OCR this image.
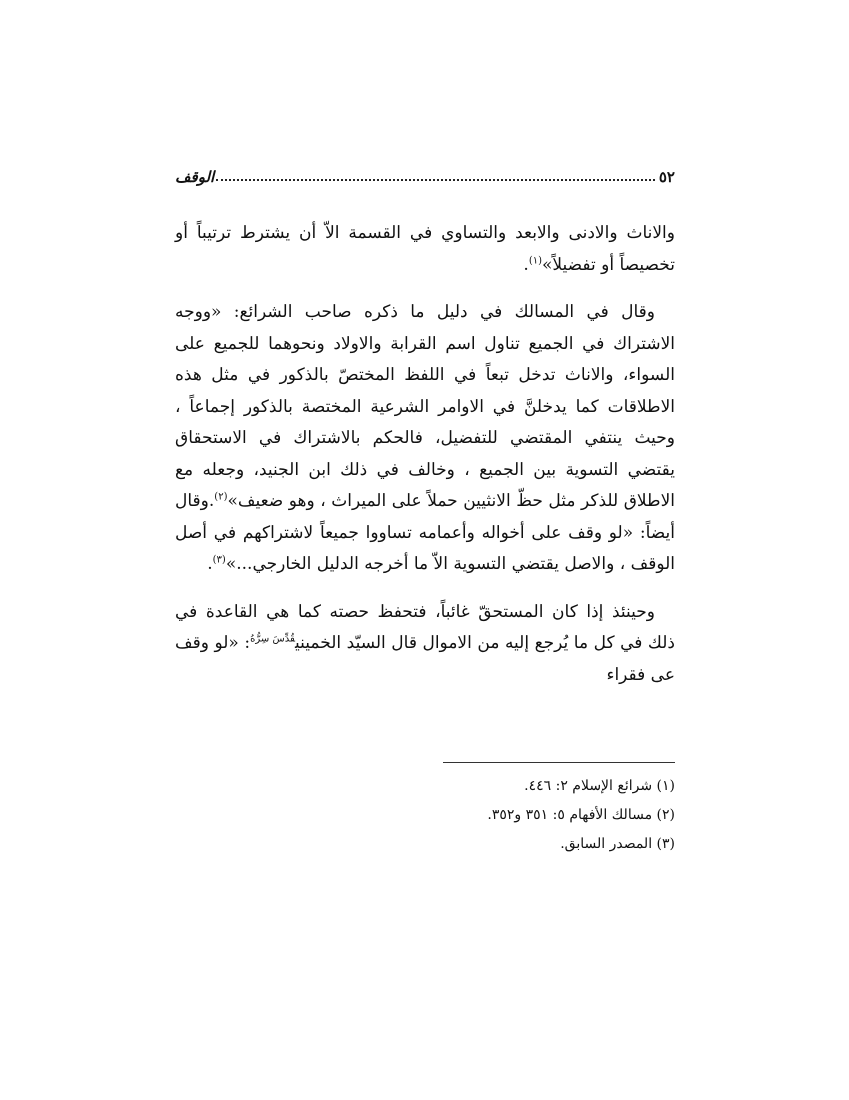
٥٢
الوقف

والاناث والادنى والابعد والتساوي في القسمة الاّ أن يشترط ترتيباً أو تخصيصاً أو تفضيلاً»$^{(١)}$.

وقال في المسالك في دليل ما ذكره صاحب الشرائع: «ووجه الاشتراك في الجميع تناول اسم القرابة والاولاد ونحوهما للجميع على السواء، والاناث تدخل تبعاً في اللفظ المختصّ بالذكور في مثل هذه الاطلاقات كما يدخلنَّ في الاوامر الشرعية المختصة بالذكور إجماعاً ، وحيث ينتفي المقتضي للتفضيل، فالحكم بالاشتراك في الاستحقاق يقتضي التسوية بين الجميع ، وخالف في ذلك ابن الجنيد، وجعله مع الاطلاق للذكر مثل حظّ الانثيين حملاً على الميراث ، وهو ضعيف»$^{(٢)}$.وقال أيضاً: «لو وقف على أخواله وأعمامه تساووا جميعاً لاشتراكهم في أصل الوقف ، والاصل يقتضي التسوية الاّ ما أخرجه الدليل الخارجي...»$^{(٣)}$.

وحينئذ إذا كان المستحقّ غائباً، فتحفظ حصته كما هي القاعدة في ذلك في كل ما يُرجع إليه من الاموال قال السيّد الخميني$^{قُدِّسَ سِرُّهُ}$: «لو وقف عى فقراء

(١) شرائع الإسلام ٢: ٤٤٦.

(٢) مسالك الأفهام ٥: ٣٥١ و٣٥٢.

(٣) المصدر السابق.
